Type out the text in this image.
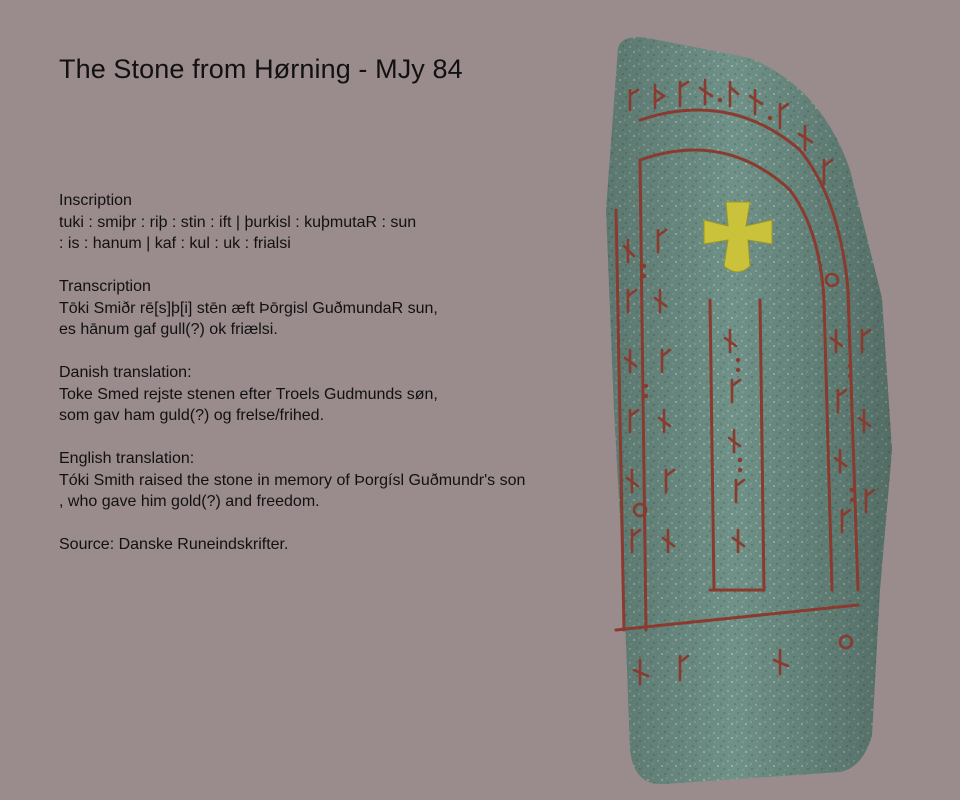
The Stone from Hørning - MJy 84
Inscription
tuki : smiþr : riþ : stin : ift | þurkisl : kuþmutaR : sun
: is : hanum | kaf : kul : uk : frialsi
Transcription
Tōki Smiðr rē[s]þ[i] stēn æft Þōrgisl GuðmundaR sun,
es hānum gaf gull(?) ok friælsi.
Danish translation:
Toke Smed rejste stenen efter Troels Gudmunds søn,
som gav ham guld(?) og frelse/frihed.
English translation:
Tóki Smith raised the stone in memory of Þorgísl Guðmundr's son
, who gave him gold(?) and freedom.
Source: Danske Runeindskrifter.
